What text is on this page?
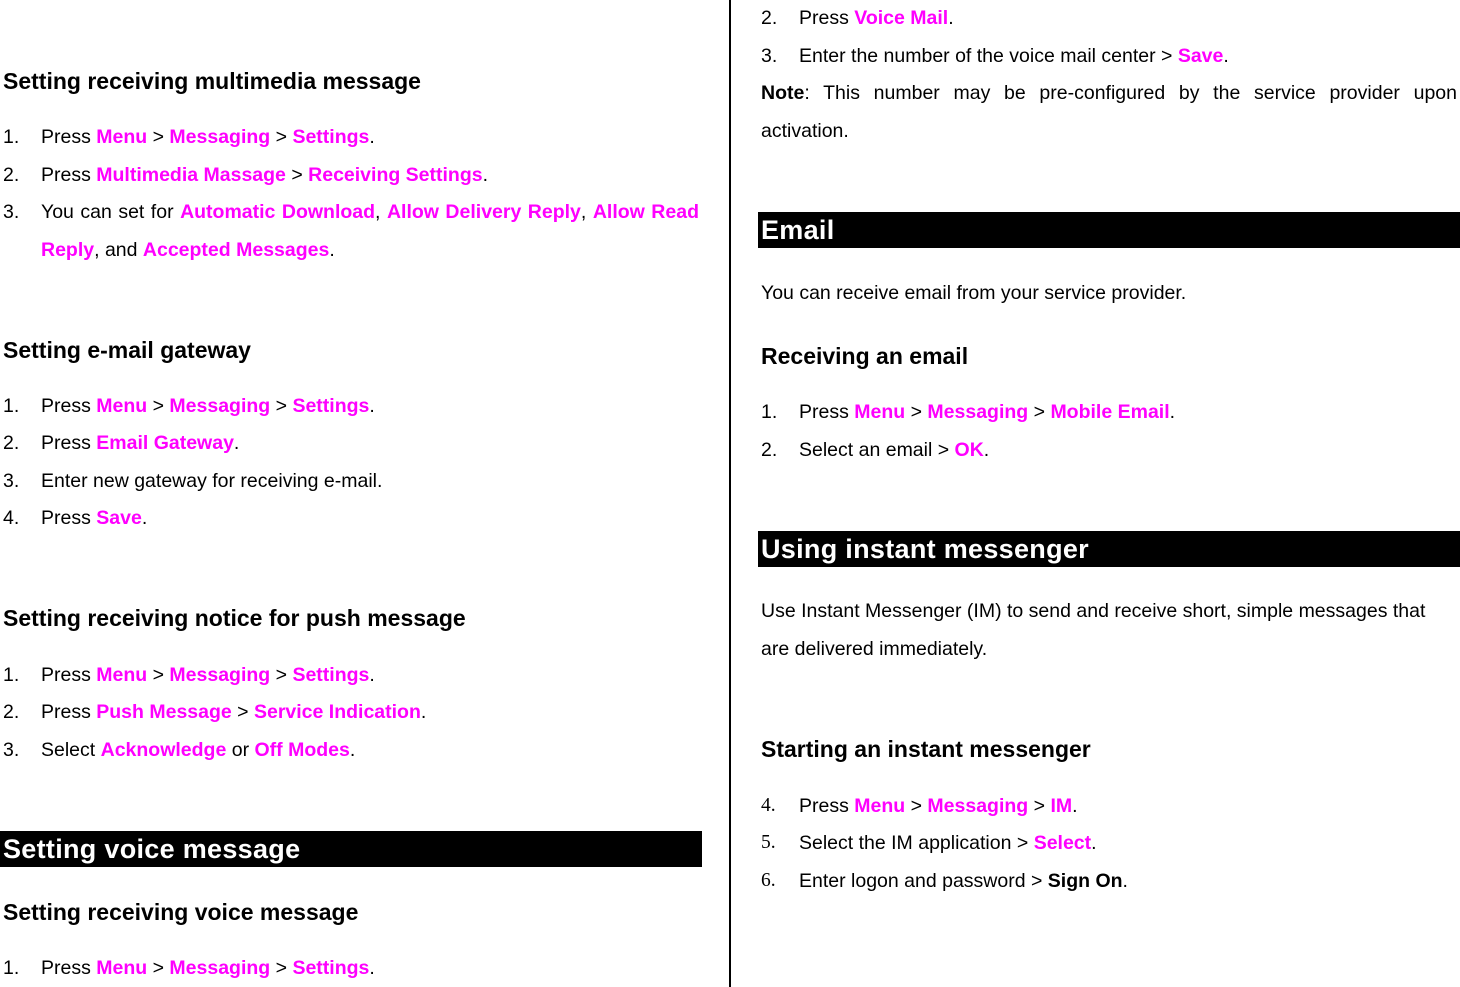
Setting receiving multimedia message
1. Press Menu > Messaging > Settings.
2. Press Multimedia Massage > Receiving Settings.
3. You can set for Automatic Download, Allow Delivery Reply, Allow Read Reply, and Accepted Messages.
Setting e-mail gateway
1. Press Menu > Messaging > Settings.
2. Press Email Gateway.
3. Enter new gateway for receiving e-mail.
4. Press Save.
Setting receiving notice for push message
1. Press Menu > Messaging > Settings.
2. Press Push Message > Service Indication.
3. Select Acknowledge or Off Modes.
Setting voice message
Setting receiving voice message
1. Press Menu > Messaging > Settings.
2. Press Voice Mail.
3. Enter the number of the voice mail center > Save.
Note: This number may be pre-configured by the service provider upon activation.
Email
You can receive email from your service provider.
Receiving an email
1. Press Menu > Messaging > Mobile Email.
2. Select an email > OK.
Using instant messenger
Use Instant Messenger (IM) to send and receive short, simple messages that are delivered immediately.
Starting an instant messenger
4. Press Menu > Messaging > IM.
5. Select the IM application > Select.
6. Enter logon and password > Sign On.
